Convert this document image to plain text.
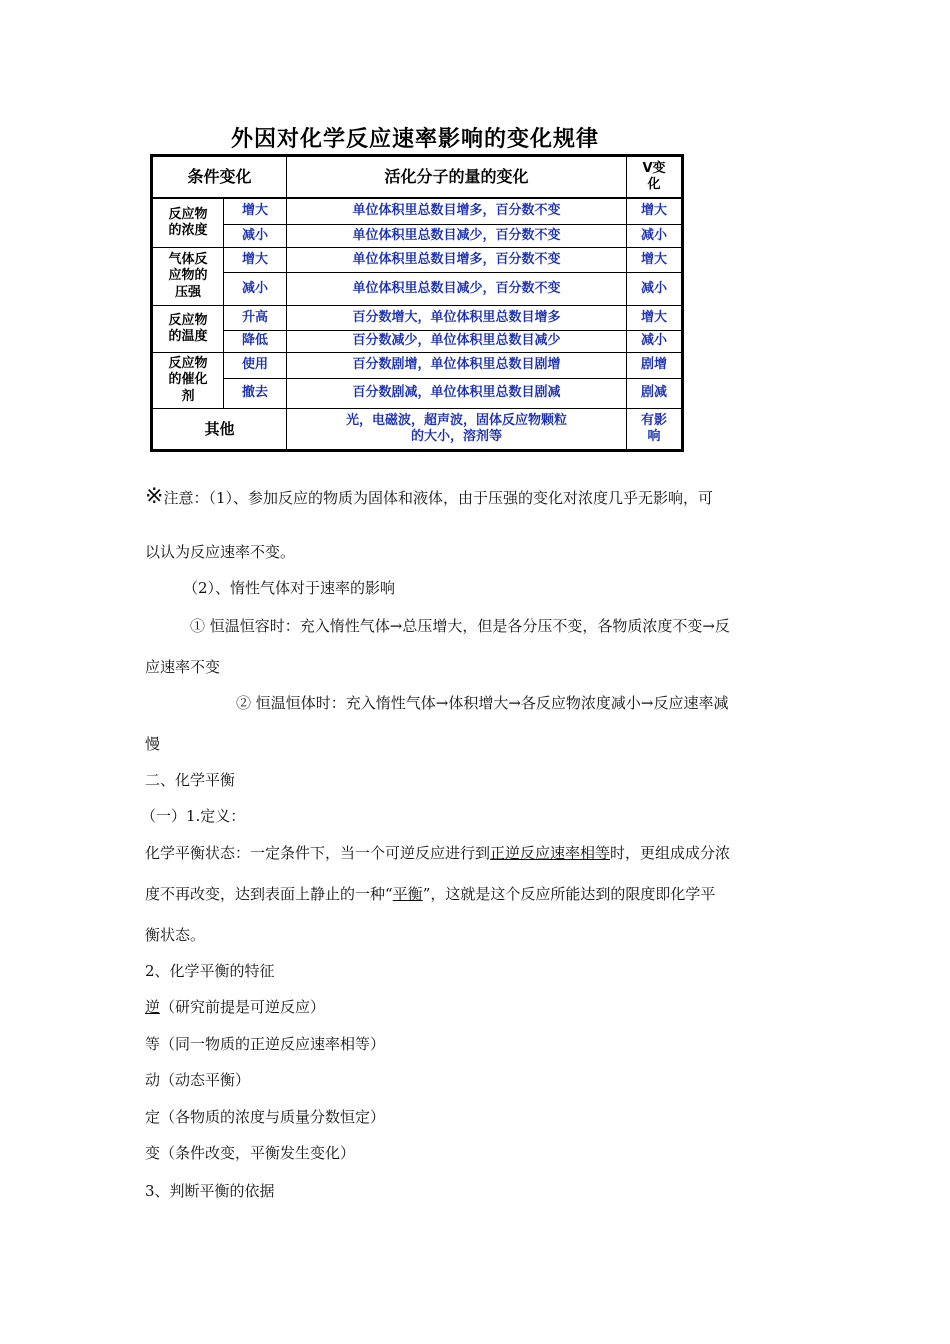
外因对化学反应速率影响的变化规律
条件变化		活化分子的量的变化	V变
化
反应物
的浓度	增大	单位体积里总数目增多，百分数不变	增大
	减小	单位体积里总数目减少，百分数不变	减小
气体反
应物的
压强	增大	单位体积里总数目增多，百分数不变	增大
	减小	单位体积里总数目减少，百分数不变	减小
反应物
的温度	升高	百分数增大，单位体积里总数目增多	增大
	降低	百分数减少，单位体积里总数目减少	减小
反应物
的催化
剂	使用	百分数剧增，单位体积里总数目剧增	剧增
	撤去	百分数剧减，单位体积里总数目剧减	剧减
其他		光，电磁波，超声波，固体反应物颗粒
的大小，溶剂等	有影
响
※注意：（1）、参加反应的物质为固体和液体，由于压强的变化对浓度几乎无影响，可
以认为反应速率不变。
（2）、惰性气体对于速率的影响
① 恒温恒容时：充入惰性气体→总压增大，但是各分压不变，各物质浓度不变→反
应速率不变
② 恒温恒体时：充入惰性气体→体积增大→各反应物浓度减小→反应速率减
慢
二、化学平衡
（一）1.定义：
化学平衡状态：一定条件下，当一个可逆反应进行到正逆反应速率相等时，更组成成分浓
度不再改变，达到表面上静止的一种“平衡”，这就是这个反应所能达到的限度即化学平
衡状态。
2、化学平衡的特征
逆（研究前提是可逆反应）
等（同一物质的正逆反应速率相等）
动（动态平衡）
定（各物质的浓度与质量分数恒定）
变（条件改变，平衡发生变化）
3、判断平衡的依据
